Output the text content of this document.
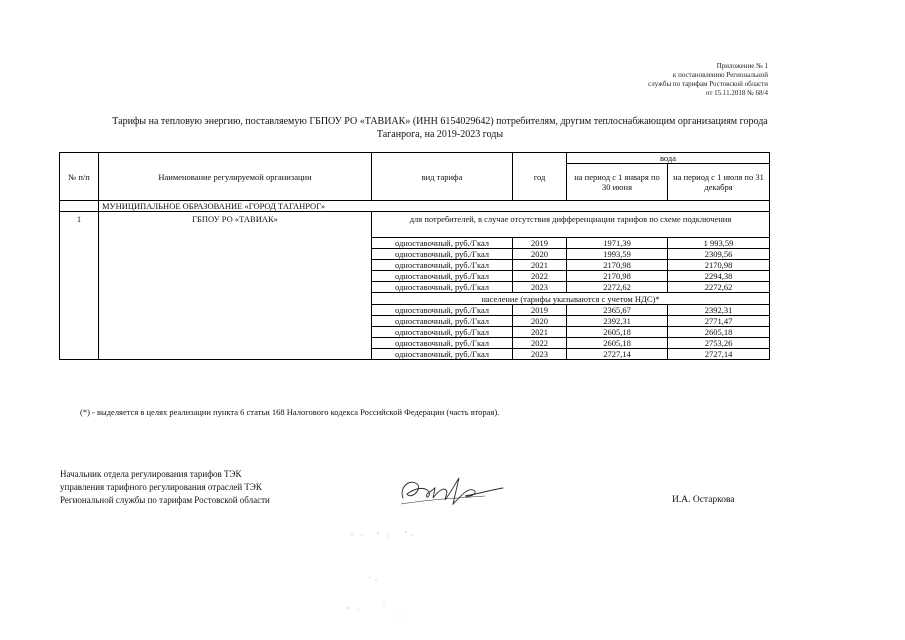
Приложение № 1
к постановлению Региональной
службы по тарифам Ростовской области
от 15.11.2018 № 68/4
Тарифы на тепловую энергию, поставляемую ГБПОУ РО «ТАВИАК» (ИНН 6154029642) потребителям, другим теплоснабжающим организациям города
Таганрога, на 2019-2023 годы
№ п/п	Наименование регулируемой организации	вид тарифа	год	вода	
				на период с 1 января по 30 июня	на период с 1 июля по 31 декабря
	МУНИЦИПАЛЬНОЕ ОБРАЗОВАНИЕ «ГОРОД ТАГАНРОГ»				
1	ГБПОУ РО «ТАВИАК»	для потребителей, в случае отсутствия дифференциации тарифов по схеме подключения			
		одноставочный, руб./Гкал	2019	1971,39	1 993,59
		одноставочный, руб./Гкал	2020	1993,59	2309,56
		одноставочный, руб./Гкал	2021	2170,98	2170,98
		одноставочный, руб./Гкал	2022	2170,98	2294,38
		одноставочный, руб./Гкал	2023	2272,62	2272,62
		население (тарифы указываются с учетом НДС)*			
		одноставочный, руб./Гкал	2019	2365,67	2392,31
		одноставочный, руб./Гкал	2020	2392,31	2771,47
		одноставочный, руб./Гкал	2021	2605,18	2605,18
		одноставочный, руб./Гкал	2022	2605,18	2753,26
		одноставочный, руб./Гкал	2023	2727,14	2727,14
(*) - выделяется в целях реализации пункта 6 статьи 168 Налогового кодекса Российской Федерации (часть вторая).
Начальник отдела регулирования тарифов ТЭК
управления тарифного регулирования отраслей ТЭК
Региональной службы по тарифам Ростовской области	И.А. Остаркова
